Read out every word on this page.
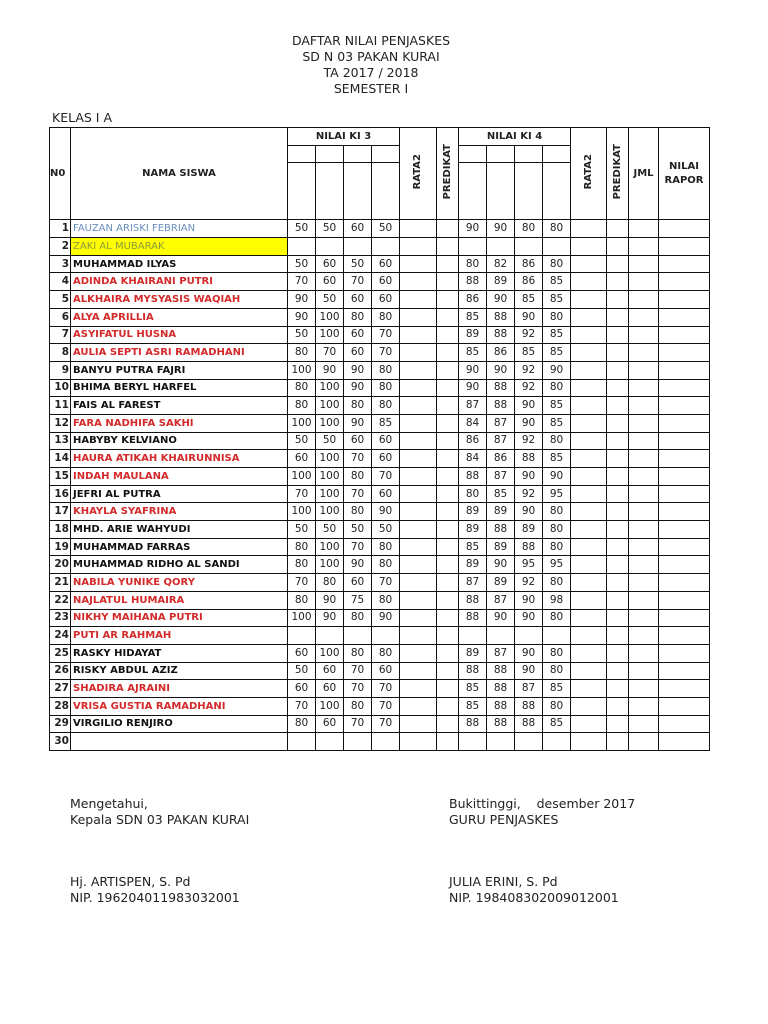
DAFTAR NILAI PENJASKES
SD N 03 PAKAN KURAI
TA 2017 / 2018
SEMESTER I
KELAS I A
N0	NAMA SISWA	NILAI KI 3				RATA2	PREDIKAT	NILAI KI 4				RATA2	PREDIKAT	JML	NILAI RAPOR

1	FAUZAN ARISKI FEBRIAN	50	50	60	50			90	90	80	80				
2	ZAKI AL MUBARAK														
3	MUHAMMAD ILYAS	50	60	50	60			80	82	86	80				
4	ADINDA KHAIRANI PUTRI	70	60	70	60			88	89	86	85				
5	ALKHAIRA MYSYASIS WAQIAH	90	50	60	60			86	90	85	85				
6	ALYA APRILLIA	90	100	80	80			85	88	90	80				
7	ASYIFATUL HUSNA	50	100	60	70			89	88	92	85				
8	AULIA SEPTI ASRI RAMADHANI	80	70	60	70			85	86	85	85				
9	BANYU PUTRA FAJRI	100	90	90	80			90	90	92	90				
10	BHIMA BERYL HARFEL	80	100	90	80			90	88	92	80				
11	FAIS AL FAREST	80	100	80	80			87	88	90	85				
12	FARA NADHIFA SAKHI	100	100	90	85			84	87	90	85				
13	HABYBY KELVIANO	50	50	60	60			86	87	92	80				
14	HAURA ATIKAH KHAIRUNNISA	60	100	70	60			84	86	88	85				
15	INDAH MAULANA	100	100	80	70			88	87	90	90				
16	JEFRI AL PUTRA	70	100	70	60			80	85	92	95				
17	KHAYLA SYAFRINA	100	100	80	90			89	89	90	80				
18	MHD. ARIE WAHYUDI	50	50	50	50			89	88	89	80				
19	MUHAMMAD FARRAS	80	100	70	80			85	89	88	80				
20	MUHAMMAD RIDHO AL SANDI	80	100	90	80			89	90	95	95				
21	NABILA YUNIKE QORY	70	80	60	70			87	89	92	80				
22	NAJLATUL HUMAIRA	80	90	75	80			88	87	90	98				
23	NIKHY MAIHANA PUTRI	100	90	80	90			88	90	90	80				
24	PUTI AR RAHMAH														
25	RASKY HIDAYAT	60	100	80	80			89	87	90	80				
26	RISKY ABDUL AZIZ	50	60	70	60			88	88	90	80				
27	SHADIRA AJRAINI	60	60	70	70			85	88	87	85				
28	VRISA GUSTIA RAMADHANI	70	100	80	70			85	88	88	80				
29	VIRGILIO RENJIRO	80	60	70	70			88	88	88	85				
30															
Mengetahui,
Kepala SDN 03 PAKAN KURAI
Hj. ARTISPEN, S. Pd
NIP. 196204011983032001
Bukittinggi,    desember 2017
GURU PENJASKES
JULIA ERINI, S. Pd
NIP. 198408302009012001
